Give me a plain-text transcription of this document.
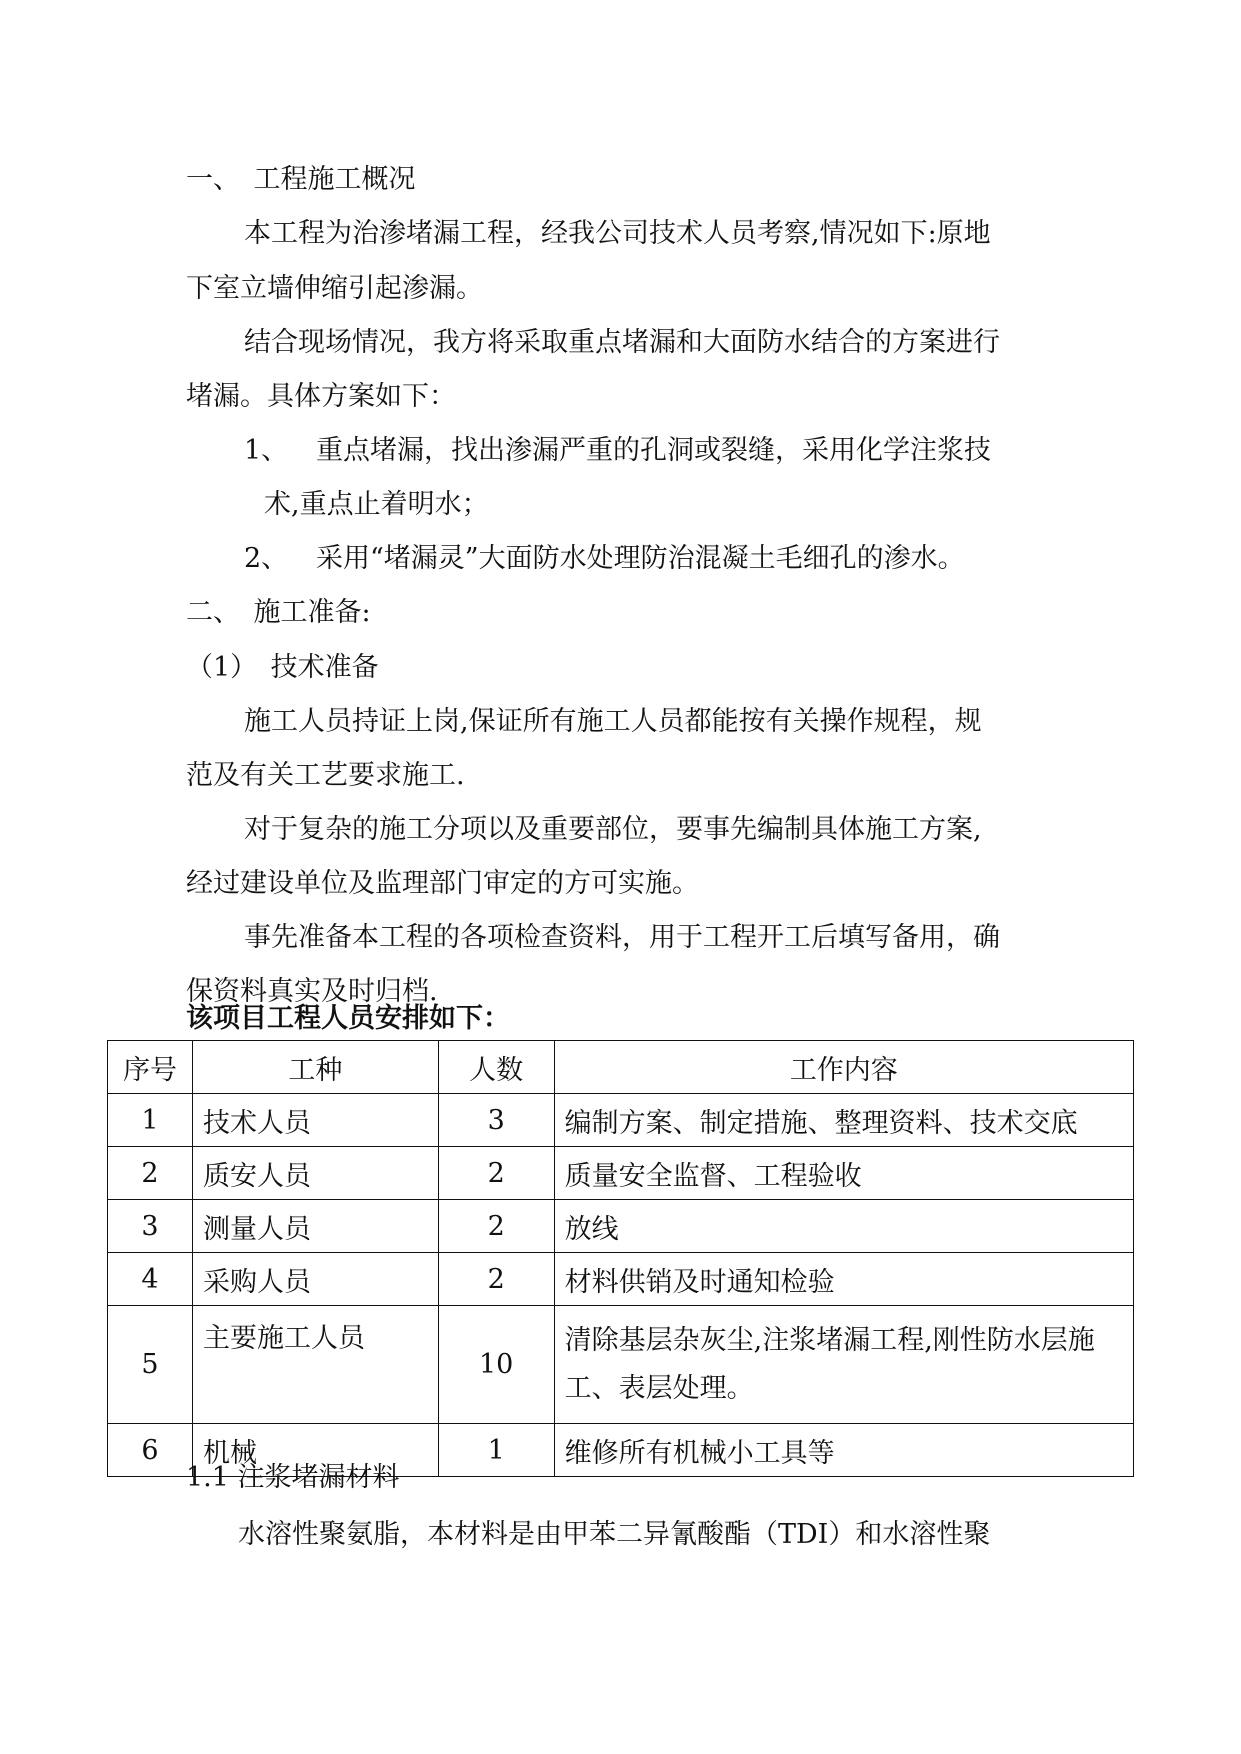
一、　工程施工概况
本工程为治渗堵漏工程，经我公司技术人员考察,情况如下:原地
下室立墙伸缩引起渗漏。
结合现场情况，我方将采取重点堵漏和大面防水结合的方案进行
堵漏。具体方案如下：
1、 重点堵漏，找出渗漏严重的孔洞或裂缝，采用化学注浆技
术,重点止着明水；
2、 采用“堵漏灵”大面防水处理防治混凝土毛细孔的渗水。
二、　施工准备:
（1）　技术准备
施工人员持证上岗,保证所有施工人员都能按有关操作规程，规
范及有关工艺要求施工.
对于复杂的施工分项以及重要部位，要事先编制具体施工方案,
经过建设单位及监理部门审定的方可实施。
事先准备本工程的各项检查资料，用于工程开工后填写备用，确
保资料真实及时归档.
该项目工程人员安排如下：
序号	工种	人数	工作内容
1	技术人员	3	编制方案、制定措施、整理资料、技术交底
2	质安人员	2	质量安全监督、工程验收
3	测量人员	2	放线
4	采购人员	2	材料供销及时通知检验
5	主要施工人员	10	清除基层杂灰尘,注浆堵漏工程,刚性防水层施
工、表层处理。

6	机械	1	维修所有机械小工具等
1.1 注浆堵漏材料
水溶性聚氨脂，本材料是由甲苯二异氰酸酯（TDI）和水溶性聚
